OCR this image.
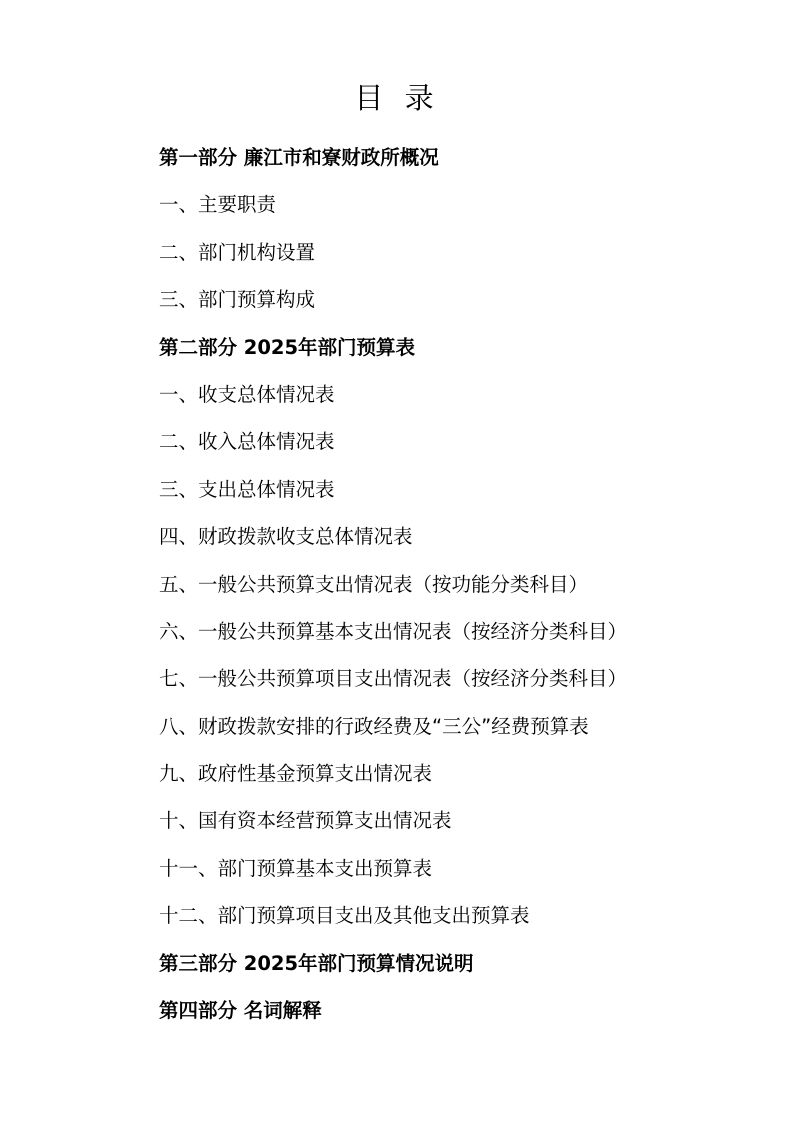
目 录
第一部分 廉江市和寮财政所概况
一、主要职责
二、部门机构设置
三、部门预算构成
第二部分 2025年部门预算表
一、收支总体情况表
二、收入总体情况表
三、支出总体情况表
四、财政拨款收支总体情况表
五、一般公共预算支出情况表（按功能分类科目）
六、一般公共预算基本支出情况表（按经济分类科目）
七、一般公共预算项目支出情况表（按经济分类科目）
八、财政拨款安排的行政经费及“三公”经费预算表
九、政府性基金预算支出情况表
十、国有资本经营预算支出情况表
十一、部门预算基本支出预算表
十二、部门预算项目支出及其他支出预算表
第三部分 2025年部门预算情况说明
第四部分 名词解释
